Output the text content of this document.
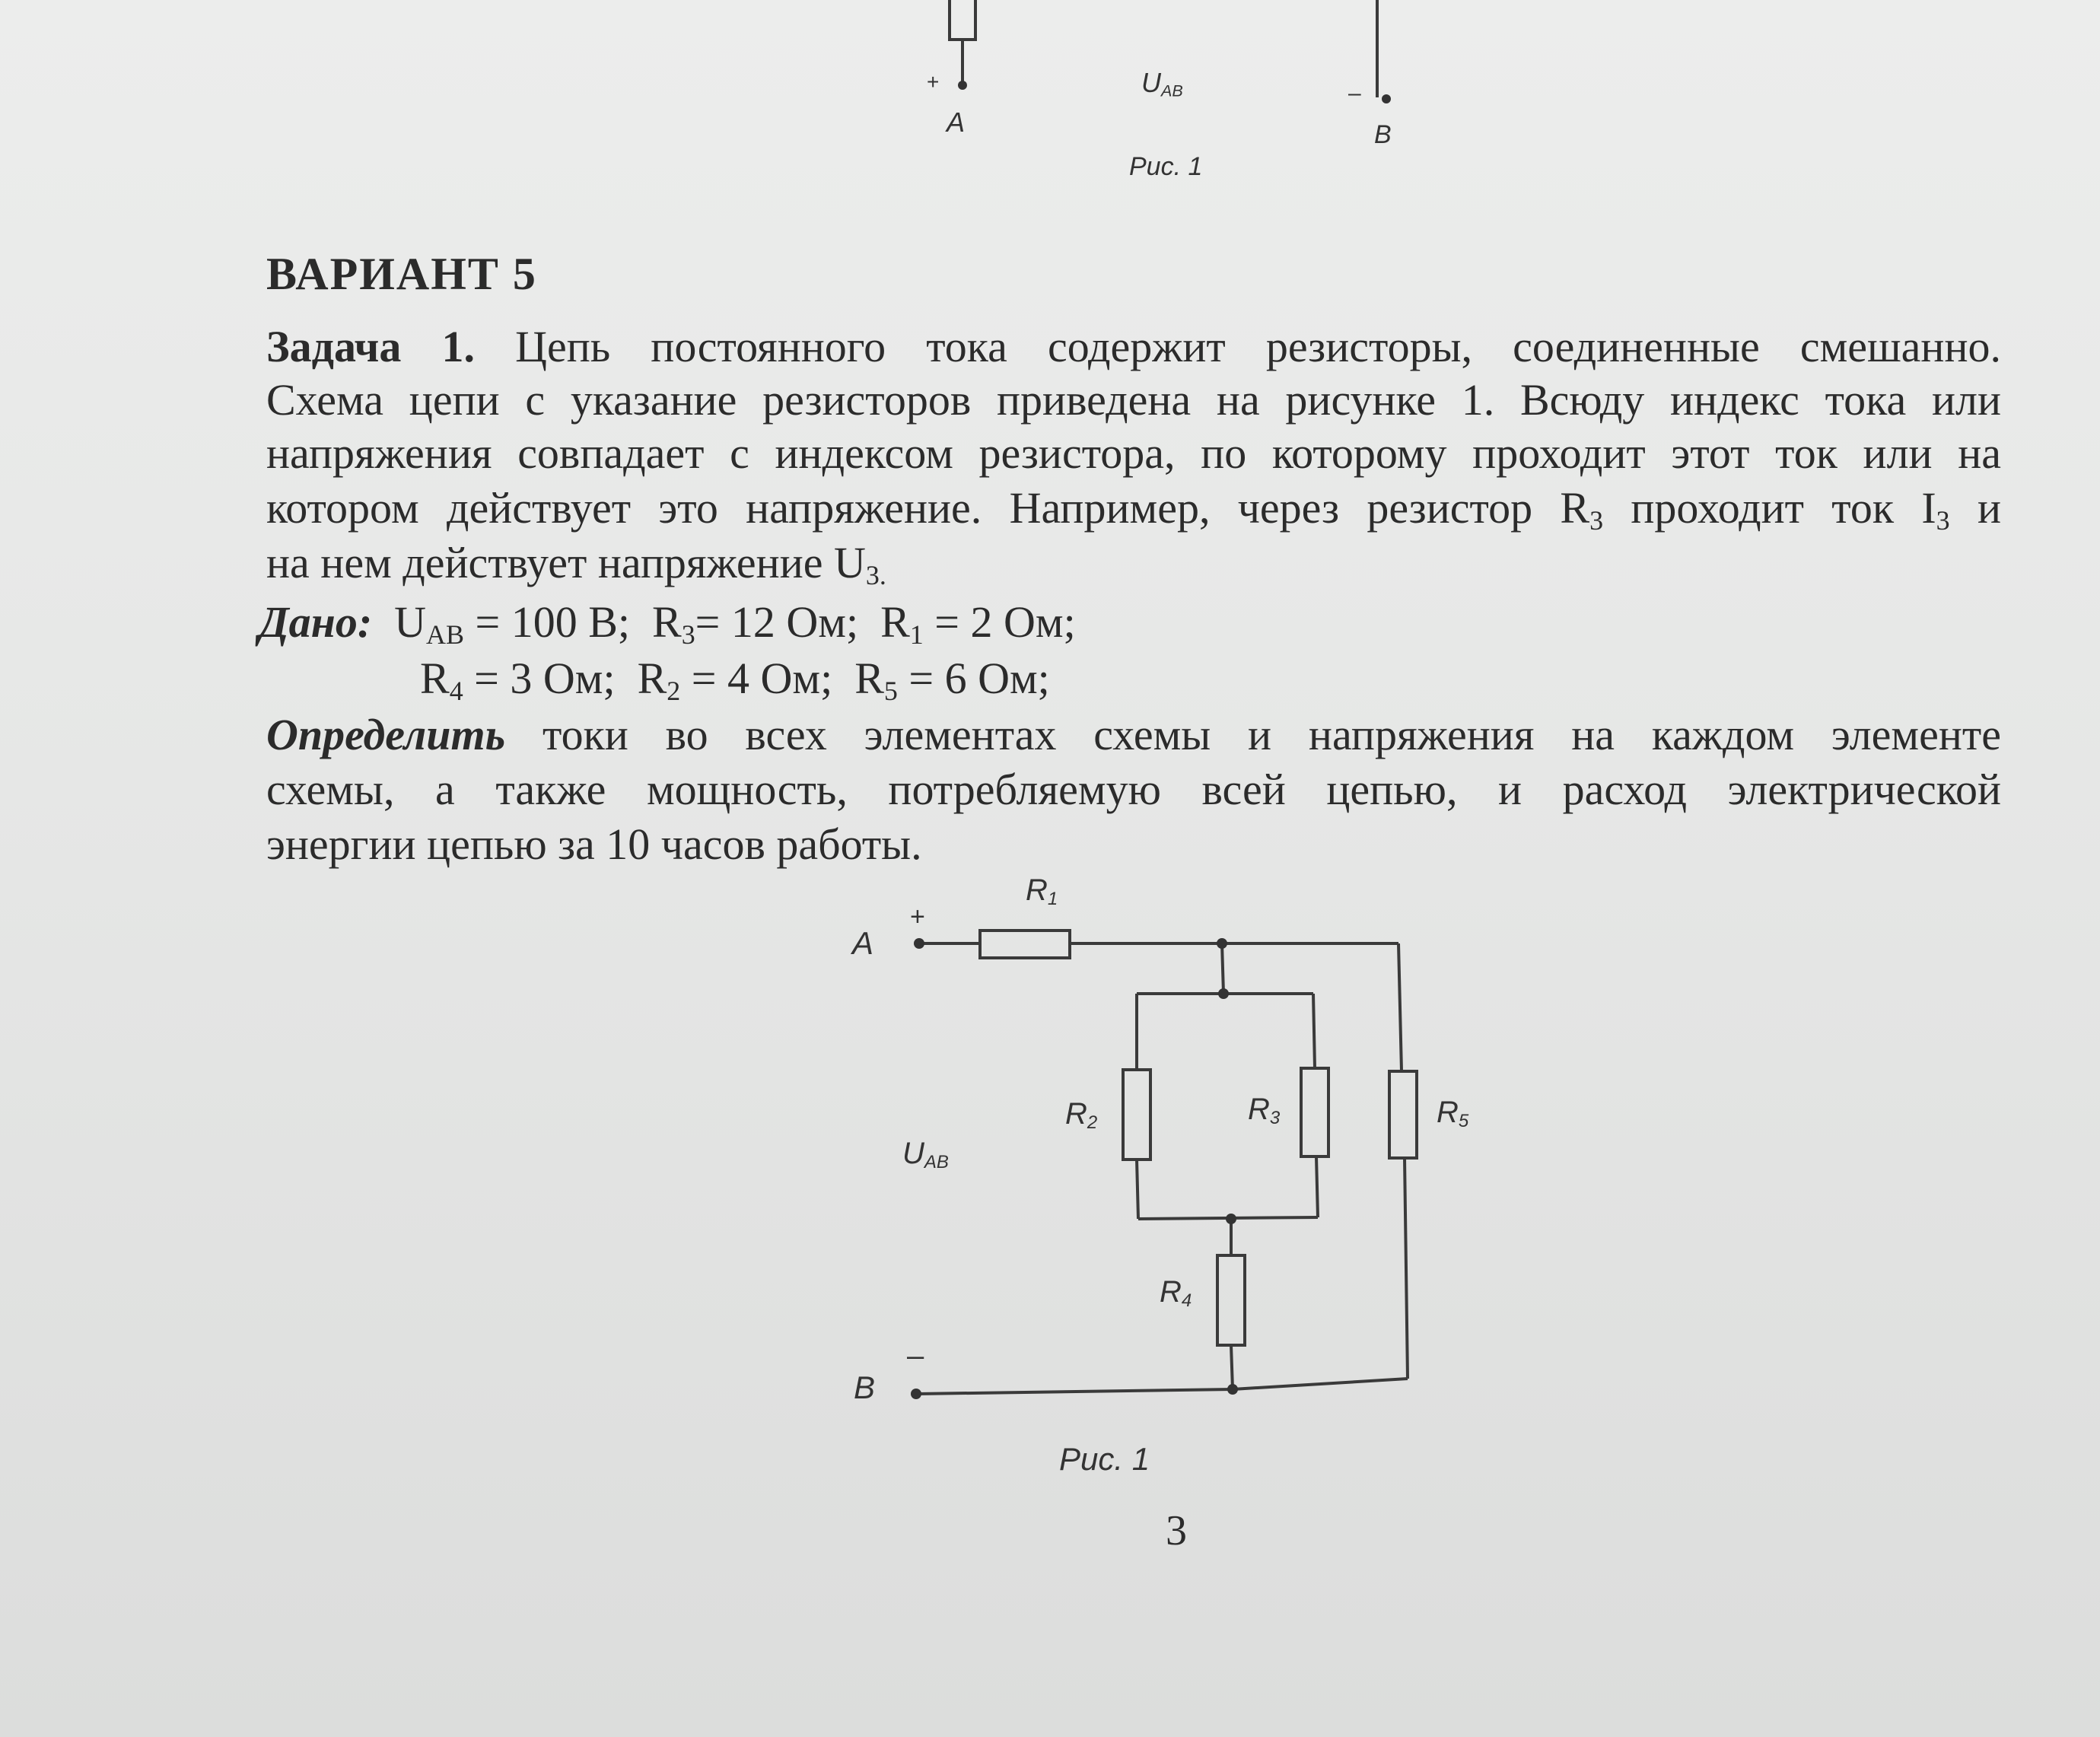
+	–
A	B
$U_{AB}$
Рис. 1
ВАРИАНТ 5
Задача 1. Цепь постоянного тока содержит резисторы, соединенные смешанно.
Схема цепи с указание резисторов приведена на рисунке 1. Всюду индекс тока или
напряжения совпадает с индексом резистора, по которому проходит этот ток или на
котором действует это напряжение. Например, через резистор $R_3$ проходит ток $I_3$ и
на нем действует напряжение $U_{3.}$
Дано: $U_{AB} = 100$ В; $R_3= 12$ Ом; $R_1 = 2$ Ом;
$R_4 = 3$ Ом; $R_2 = 4$ Ом; $R_5 = 6$ Ом;
Определить токи во всех элементах схемы и напряжения на каждом элементе
схемы, а также мощность, потребляемую всей цепью, и расход электрической
энергии цепью за 10 часов работы.
A
B
+
–
$U_{AB}$
$R_1$
$R_2$	$R_3$
$R_4$
$R_5$
Рис. 1
3
